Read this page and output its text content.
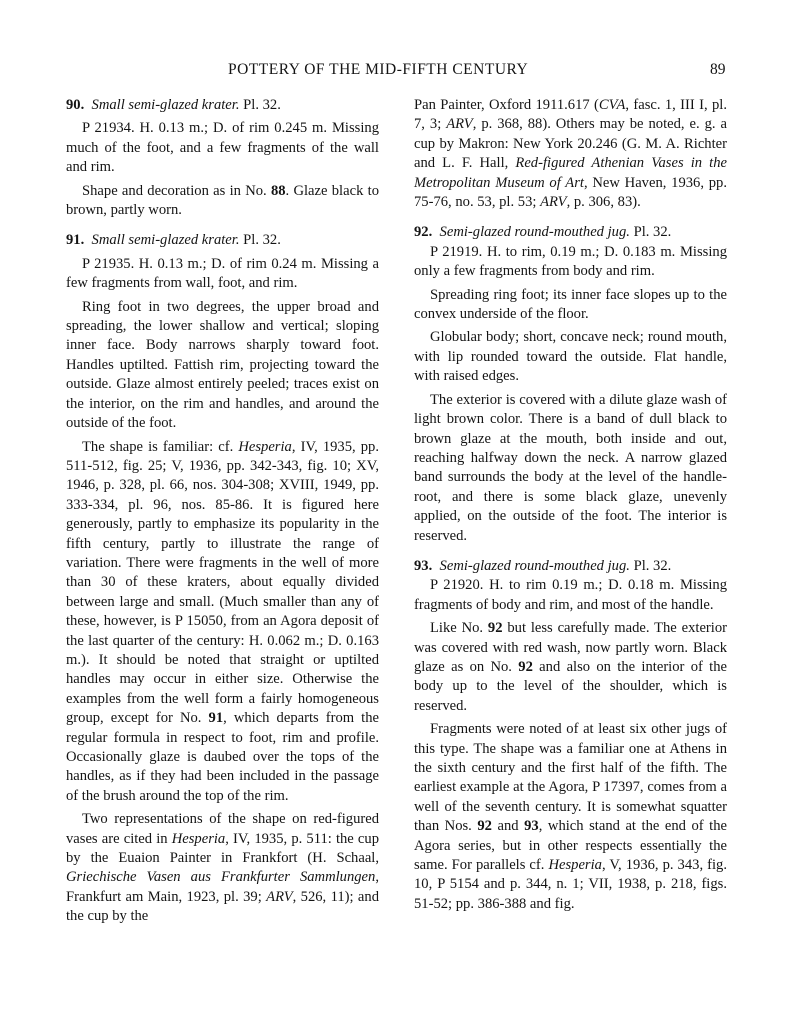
POTTERY OF THE MID-FIFTH CENTURY	89

90. Small semi-glazed krater. Pl. 32.

P 21934. H. 0.13 m.; D. of rim 0.245 m. Missing much of the foot, and a few fragments of the wall and rim.

Shape and decoration as in No. 88. Glaze black to brown, partly worn.

91. Small semi-glazed krater. Pl. 32.

P 21935. H. 0.13 m.; D. of rim 0.24 m. Missing a few fragments from wall, foot, and rim.

Ring foot in two degrees, the upper broad and spreading, the lower shallow and vertical; sloping inner face. Body narrows sharply toward foot. Handles uptilted. Fattish rim, projecting toward the outside. Glaze almost entirely peeled; traces exist on the interior, on the rim and handles, and around the outside of the foot.

The shape is familiar: cf. Hesperia, IV, 1935, pp. 511-512, fig. 25; V, 1936, pp. 342-343, fig. 10; XV, 1946, p. 328, pl. 66, nos. 304-308; XVIII, 1949, pp. 333-334, pl. 96, nos. 85-86. It is figured here generously, partly to emphasize its popularity in the fifth century, partly to illustrate the range of variation. There were fragments in the well of more than 30 of these kraters, about equally divided between large and small. (Much smaller than any of these, however, is P 15050, from an Agora deposit of the last quarter of the century: H. 0.062 m.; D. 0.163 m.). It should be noted that straight or uptilted handles may occur in either size. Otherwise the examples from the well form a fairly homogeneous group, except for No. 91, which departs from the regular formula in respect to foot, rim and profile. Occasionally glaze is daubed over the tops of the handles, as if they had been included in the passage of the brush around the top of the rim.

Two representations of the shape on red-figured vases are cited in Hesperia, IV, 1935, p. 511: the cup by the Euaion Painter in Frankfort (H. Schaal, Griechische Vasen aus Frankfurter Sammlungen, Frankfurt am Main, 1923, pl. 39; ARV, 526, 11); and the cup by the

Pan Painter, Oxford 1911.617 (CVA, fasc. 1, III I, pl. 7, 3; ARV, p. 368, 88). Others may be noted, e. g. a cup by Makron: New York 20.246 (G. M. A. Richter and L. F. Hall, Red-figured Athenian Vases in the Metropolitan Museum of Art, New Haven, 1936, pp. 75-76, no. 53, pl. 53; ARV, p. 306, 83).

92. Semi-glazed round-mouthed jug. Pl. 32.

P 21919. H. to rim, 0.19 m.; D. 0.183 m. Missing only a few fragments from body and rim.

Spreading ring foot; its inner face slopes up to the convex underside of the floor.

Globular body; short, concave neck; round mouth, with lip rounded toward the outside. Flat handle, with raised edges.

The exterior is covered with a dilute glaze wash of light brown color. There is a band of dull black to brown glaze at the mouth, both inside and out, reaching halfway down the neck. A narrow glazed band surrounds the body at the level of the handle-root, and there is some black glaze, unevenly applied, on the outside of the foot. The interior is reserved.

93. Semi-glazed round-mouthed jug. Pl. 32.

P 21920. H. to rim 0.19 m.; D. 0.18 m. Missing fragments of body and rim, and most of the handle.

Like No. 92 but less carefully made. The exterior was covered with red wash, now partly worn. Black glaze as on No. 92 and also on the interior of the body up to the level of the shoulder, which is reserved.

Fragments were noted of at least six other jugs of this type. The shape was a familiar one at Athens in the sixth century and the first half of the fifth. The earliest example at the Agora, P 17397, comes from a well of the seventh century. It is somewhat squatter than Nos. 92 and 93, which stand at the end of the Agora series, but in other respects essentially the same. For parallels cf. Hesperia, V, 1936, p. 343, fig. 10, P 5154 and p. 344, n. 1; VII, 1938, p. 218, figs. 51-52; pp. 386-388 and fig.
